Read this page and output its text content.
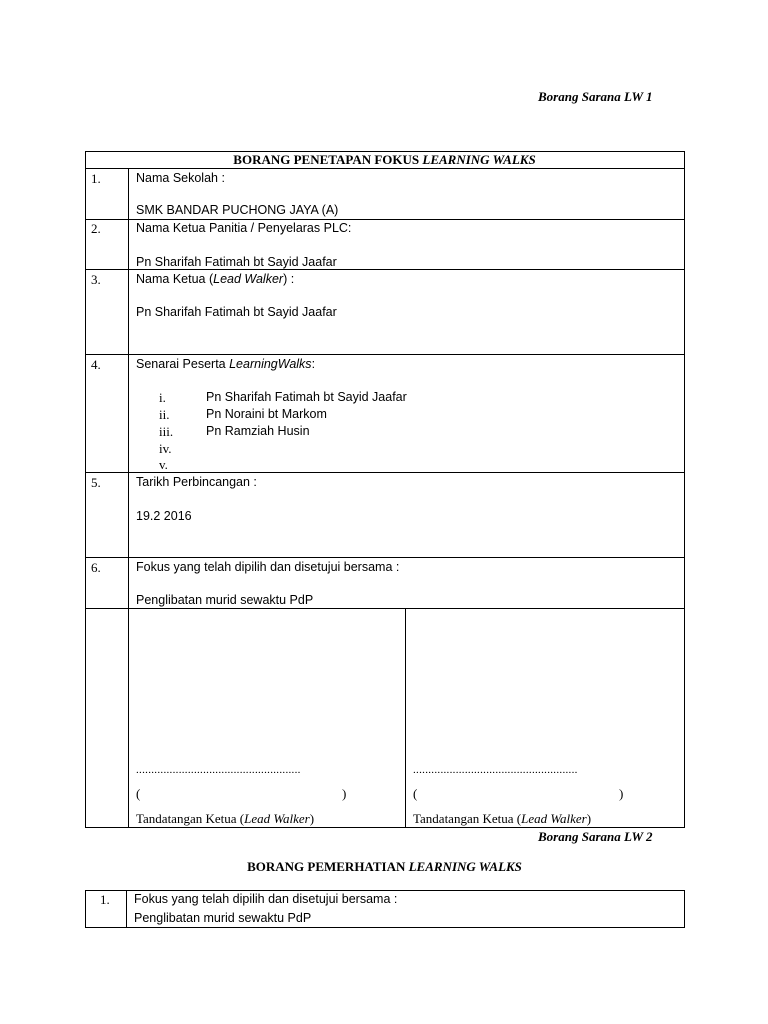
Borang Sarana LW 1
BORANG PENETAPAN FOKUS LEARNING WALKS
1.	Nama Sekolah :
SMK BANDAR PUCHONG JAYA (A)
2.	Nama Ketua Panitia / Penyelaras PLC:
Pn Sharifah Fatimah bt Sayid Jaafar
3.	Nama Ketua (Lead Walker) :
Pn Sharifah Fatimah bt Sayid Jaafar
4.	Senarai Peserta LearningWalks:
i.	Pn Sharifah Fatimah bt Sayid Jaafar
ii.	Pn Noraini bt Markom
iii.	Pn Ramziah Husin
iv.
v.
5.	Tarikh Perbincangan :
19.2 2016
6.	Fokus yang telah dipilih dan disetujui bersama :
Penglibatan murid sewaktu PdP
......................................................
(	)
Tandatangan Ketua (Lead Walker)
......................................................
(	)
Tandatangan Ketua (Lead Walker)
Borang Sarana LW 2
BORANG PEMERHATIAN LEARNING WALKS
1. Fokus yang telah dipilih dan disetujui bersama :
Penglibatan murid sewaktu PdP
